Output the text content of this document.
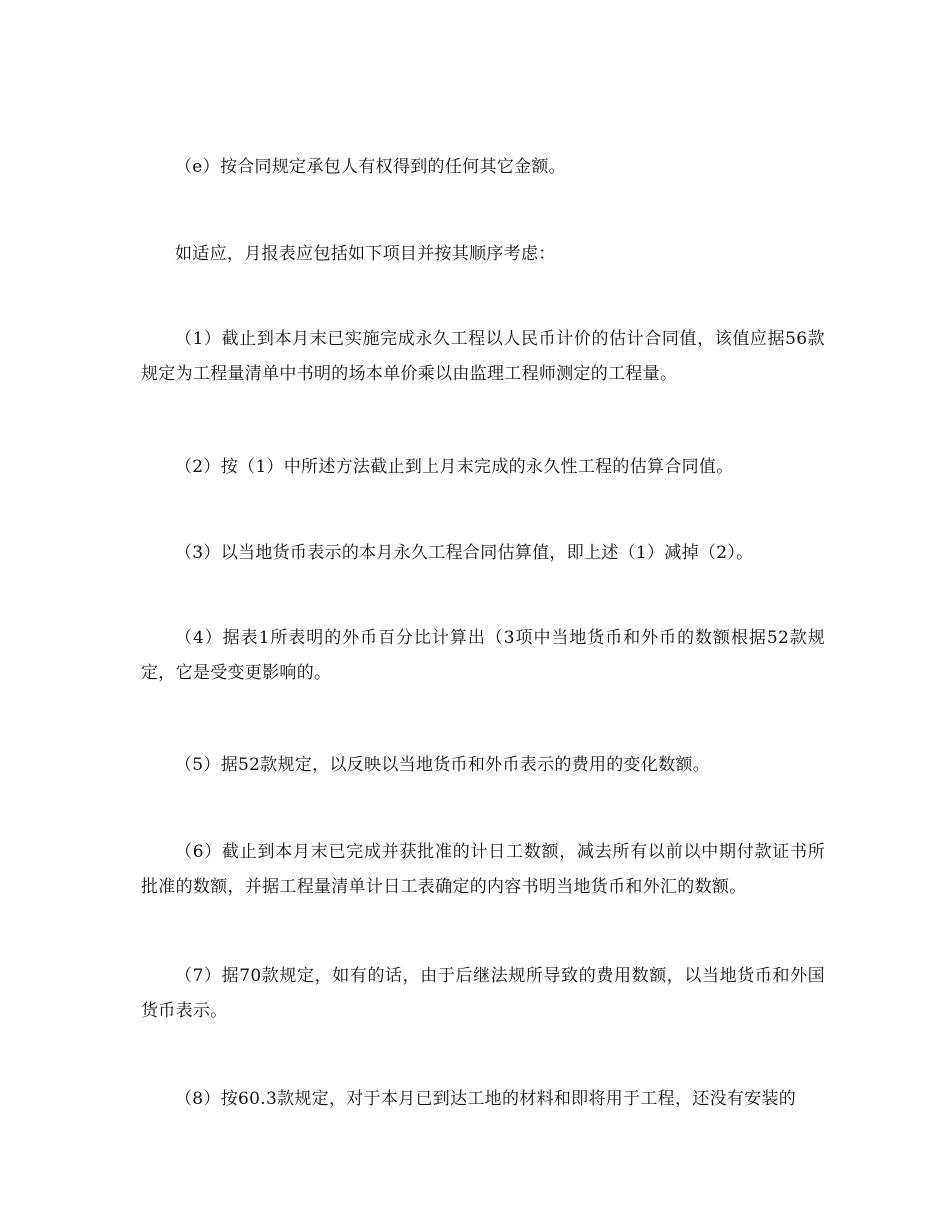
（e）按合同规定承包人有权得到的任何其它金额。

如适应，月报表应包括如下项目并按其顺序考虑：

（1）截止到本月末已实施完成永久工程以人民币计价的估计合同值，该值应据56款规定为工程量清单中书明的场本单价乘以由监理工程师测定的工程量。

（2）按（1）中所述方法截止到上月末完成的永久性工程的估算合同值。

（3）以当地货币表示的本月永久工程合同估算值，即上述（1）减掉（2）。

（4）据表1所表明的外币百分比计算出（3项中当地货币和外币的数额根据52款规定，它是受变更影响的。

（5）据52款规定，以反映以当地货币和外币表示的费用的变化数额。

（6）截止到本月末已完成并获批准的计日工数额，减去所有以前以中期付款证书所批准的数额，并据工程量清单计日工表确定的内容书明当地货币和外汇的数额。

（7）据70款规定，如有的话，由于后继法规所导致的费用数额，以当地货币和外国货币表示。

（8）按60.3款规定，对于本月已到达工地的材料和即将用于工程，还没有安装的
